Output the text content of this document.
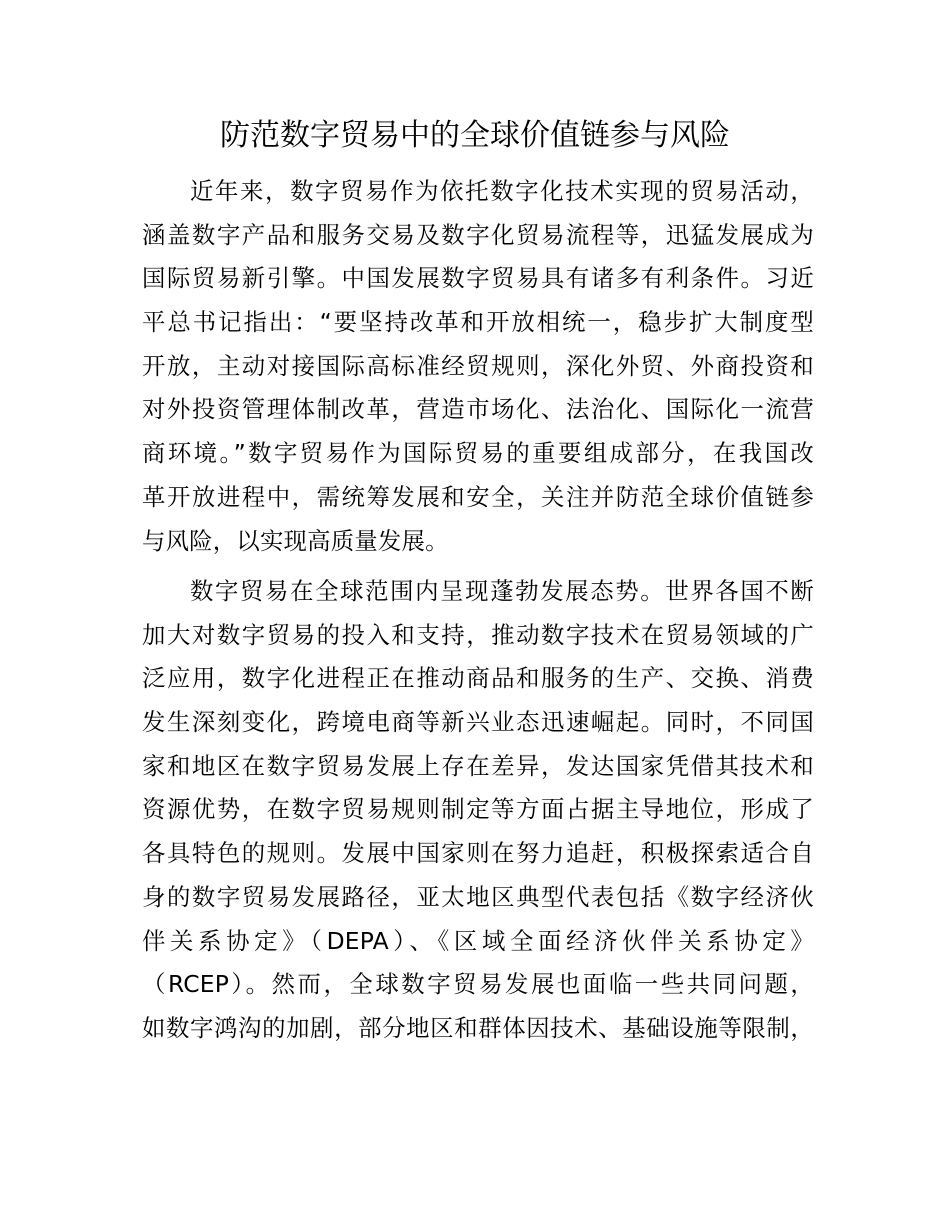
防范数字贸易中的全球价值链参与风险
近年来，数字贸易作为依托数字化技术实现的贸易活动，
涵盖数字产品和服务交易及数字化贸易流程等，迅猛发展成为
国际贸易新引擎。中国发展数字贸易具有诸多有利条件。习近
平总书记指出：“要坚持改革和开放相统一，稳步扩大制度型
开放，主动对接国际高标准经贸规则，深化外贸、外商投资和
对外投资管理体制改革，营造市场化、法治化、国际化一流营
商环境。”数字贸易作为国际贸易的重要组成部分，在我国改
革开放进程中，需统筹发展和安全，关注并防范全球价值链参
与风险，以实现高质量发展。
数字贸易在全球范围内呈现蓬勃发展态势。世界各国不断
加大对数字贸易的投入和支持，推动数字技术在贸易领域的广
泛应用，数字化进程正在推动商品和服务的生产、交换、消费
发生深刻变化，跨境电商等新兴业态迅速崛起。同时，不同国
家和地区在数字贸易发展上存在差异，发达国家凭借其技术和
资源优势，在数字贸易规则制定等方面占据主导地位，形成了
各具特色的规则。发展中国家则在努力追赶，积极探索适合自
身的数字贸易发展路径，亚太地区典型代表包括《数字经济伙
伴关系协定》（DEPA）、《区域全面经济伙伴关系协定》
（RCEP）。然而，全球数字贸易发展也面临一些共同问题，
如数字鸿沟的加剧，部分地区和群体因技术、基础设施等限制，
